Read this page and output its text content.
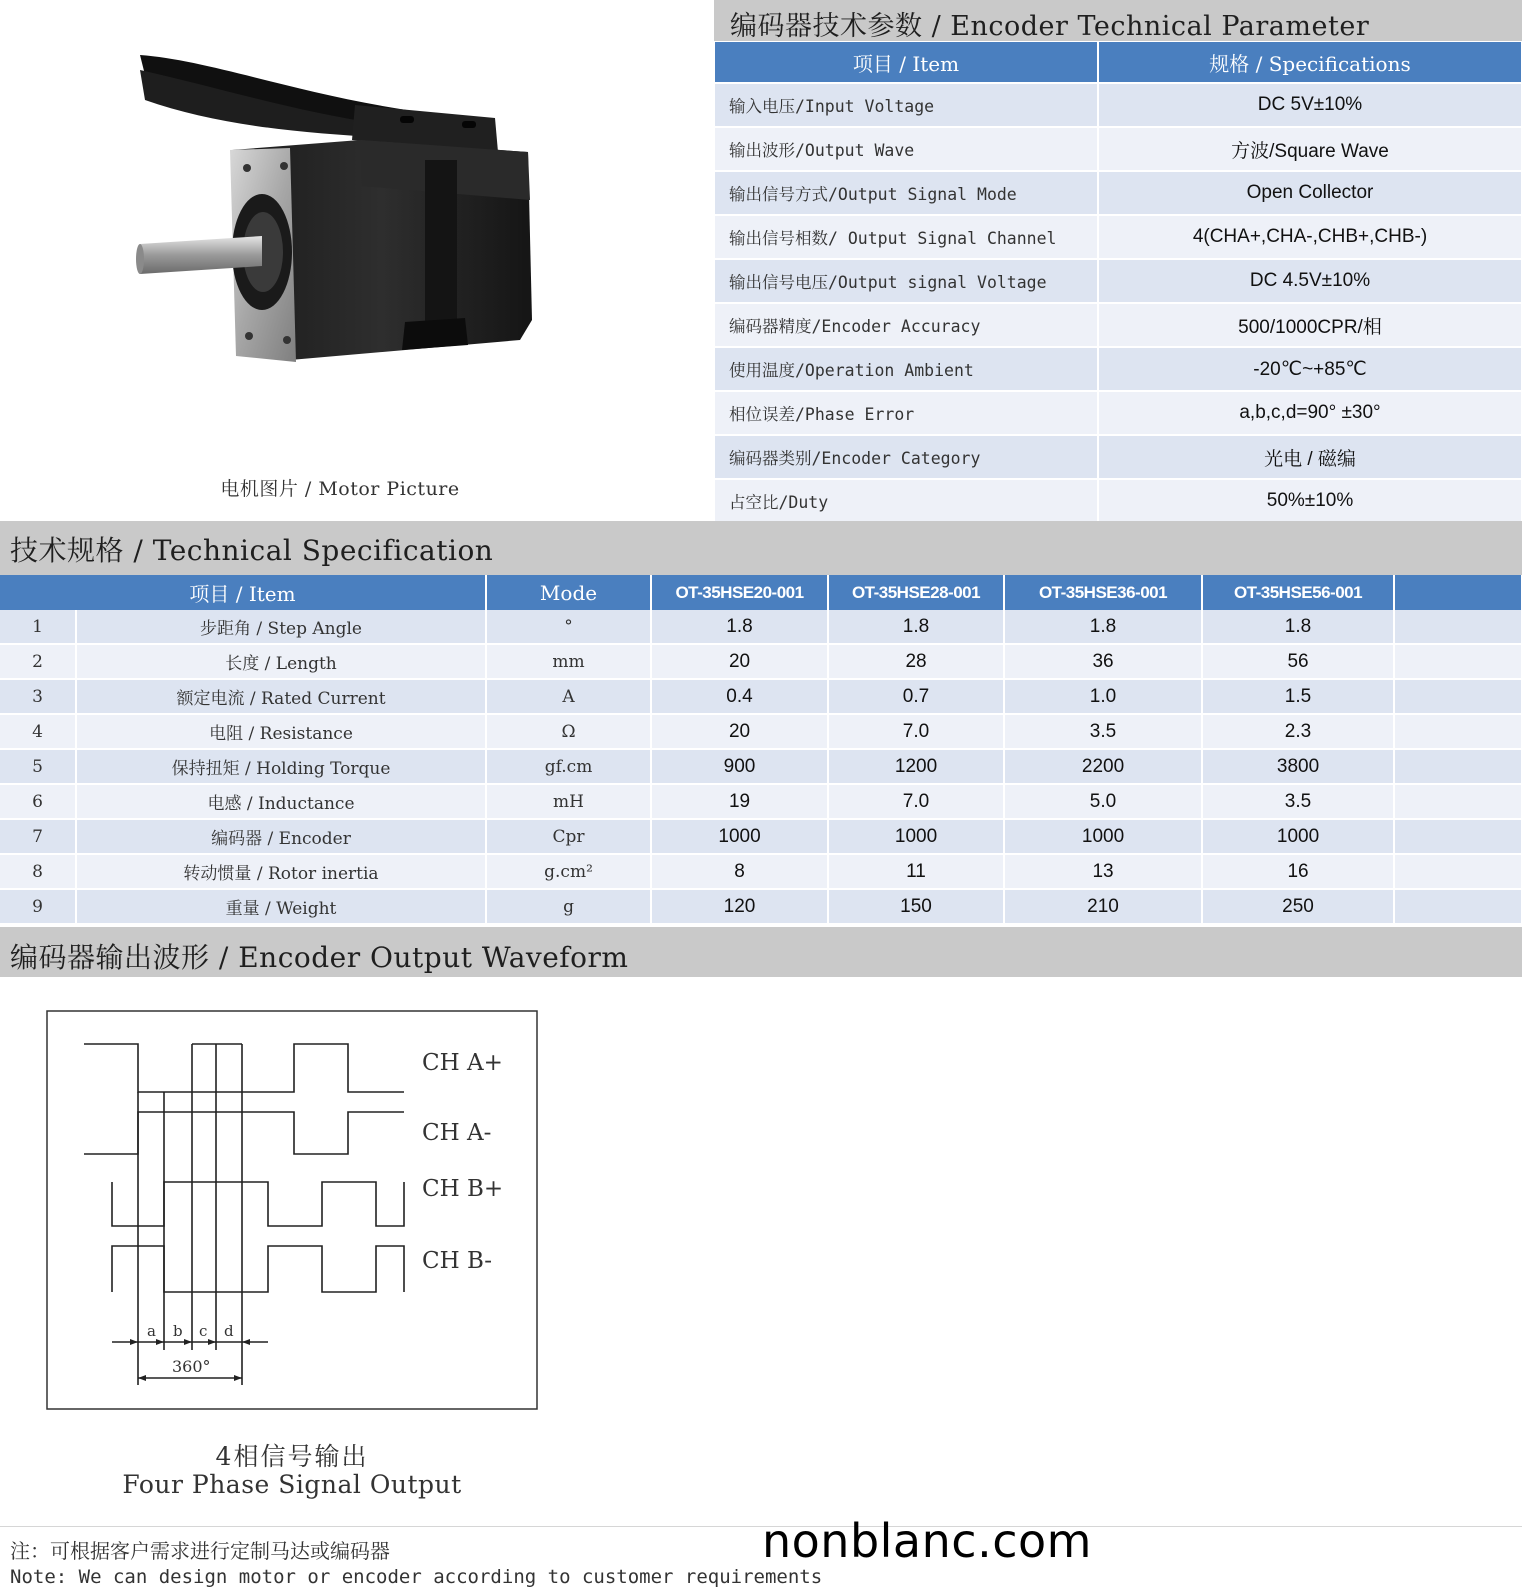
电机图片 / Motor Picture
编码器技术参数 / Encoder Technical Parameter
项目 / Item	规格 / Specifications
输入电压/Input Voltage	DC 5V±10%
输出波形/Output Wave	方波/Square Wave
输出信号方式/Output Signal Mode	Open Collector
输出信号相数/ Output Signal Channel	4(CHA+,CHA-,CHB+,CHB-)
输出信号电压/Output signal Voltage	DC 4.5V±10%
编码器精度/Encoder Accuracy	500/1000CPR/相
使用温度/Operation Ambient	-20℃~+85℃
相位误差/Phase Error	a,b,c,d=90° ±30°
编码器类别/Encoder Category	光电 / 磁编
占空比/Duty	50%±10%
技术规格 / Technical Specification
项目 / Item		Mode	OT-35HSE20-001	OT-35HSE28-001	OT-35HSE36-001	OT-35HSE56-001	
1	步距角 / Step Angle	°	1.8	1.8	1.8	1.8	
2	长度 / Length	mm	20	28	36	56	
3	额定电流 / Rated Current	A	0.4	0.7	1.0	1.5	
4	电阻 / Resistance	Ω	20	7.0	3.5	2.3	
5	保持扭矩 / Holding Torque	gf.cm	900	1200	2200	3800	
6	电感 / Inductance	mH	19	7.0	5.0	3.5	
7	编码器 / Encoder	Cpr	1000	1000	1000	1000	
8	转动惯量 / Rotor inertia	g.cm²	8	11	13	16	
9	重量 / Weight	g	120	150	210	250	
编码器输出波形 / Encoder Output Waveform
CH A+
CH A-
CH B+
CH B-
a b c d
360°
4相信号输出
Four Phase Signal Output
注：可根据客户需求进行定制马达或编码器
Note: We can design motor or encoder according to customer requirements
nonblanc.com
